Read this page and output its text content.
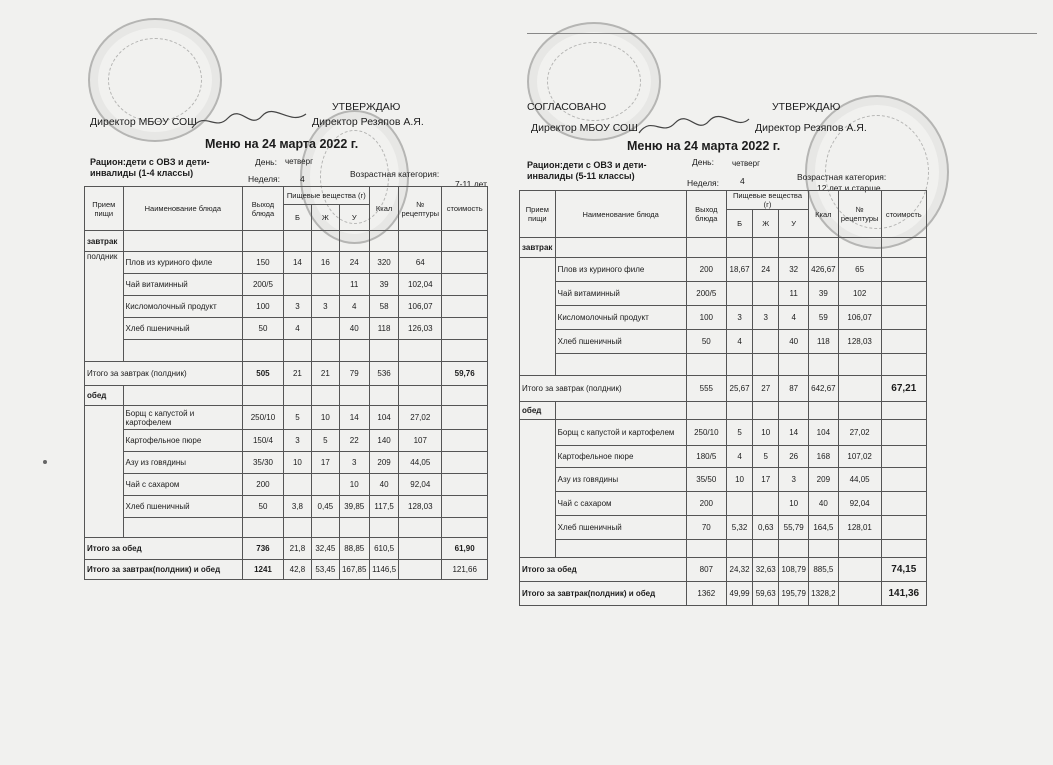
УТВЕРЖДАЮ
Директор МБОУ СОШ	Директор Резяпов А.Я.
Меню на 24 марта 2022 г.
Рацион:дети с ОВЗ и дети-инвалиды (1-4 классы)
День: четверг
Неделя: 4	Возрастная категория:
7-11 лет
Прием пищи	Наименование блюда	Выход блюда	Пищевые вещества (г)			Ккал	№ рецептуры	стоимость
			Б	Ж	У			
завтрак								
полдник	Плов из куриного филе	150	14	16	24	320	64	
	Чай витаминный	200/5			11	39	102,04	
	Кисломолочный продукт	100	3	3	4	58	106,07	
	Хлеб пшеничный	50	4		40	118	126,03	

Итого за завтрак (полдник)		505	21	21	79	536		59,76
обед								
	Борщ с капустой и картофелем	250/10	5	10	14	104	27,02	
	Картофельное пюре	150/4	3	5	22	140	107	
	Азу из говядины	35/30	10	17	3	209	44,05	
	Чай с сахаром	200			10	40	92,04	
	Хлеб пшеничный	50	3,8	0,45	39,85	117,5	128,03	

Итого за обед		736	21,8	32,45	88,85	610,5		61,90
Итого за завтрак(полдник) и обед		1241	42,8	53,45	167,85	1146,5		121,66
СОГЛАСОВАНО	УТВЕРЖДАЮ
Директор МБОУ СОШ	Директор Резяпов А.Я.
Меню на 24 марта 2022 г.
Рацион:дети с ОВЗ и дети-инвалиды (5-11 классы)
День: четверг
Неделя: 4	Возрастная категория:
12 лет и старше
Прием пищи	Наименование блюда	Выход блюда	Пищевые вещества (г)			Ккал	№ рецептуры	стоимость
			Б	Ж	У			
завтрак								
	Плов из куриного филе	200	18,67	24	32	426,67	65	
	Чай витаминный	200/5			11	39	102	
	Кисломолочный продукт	100	3	3	4	59	106,07	
	Хлеб пшеничный	50	4		40	118	128,03	

Итого за завтрак (полдник)		555	25,67	27	87	642,67		67,21
обед								
	Борщ с капустой и картофелем	250/10	5	10	14	104	27,02	
	Картофельное пюре	180/5	4	5	26	168	107,02	
	Азу из говядины	35/50	10	17	3	209	44,05	
	Чай с сахаром	200			10	40	92,04	
	Хлеб пшеничный	70	5,32	0,63	55,79	164,5	128,01	

Итого за обед		807	24,32	32,63	108,79	885,5		74,15
Итого за завтрак(полдник) и обед		1362	49,99	59,63	195,79	1328,2		141,36
